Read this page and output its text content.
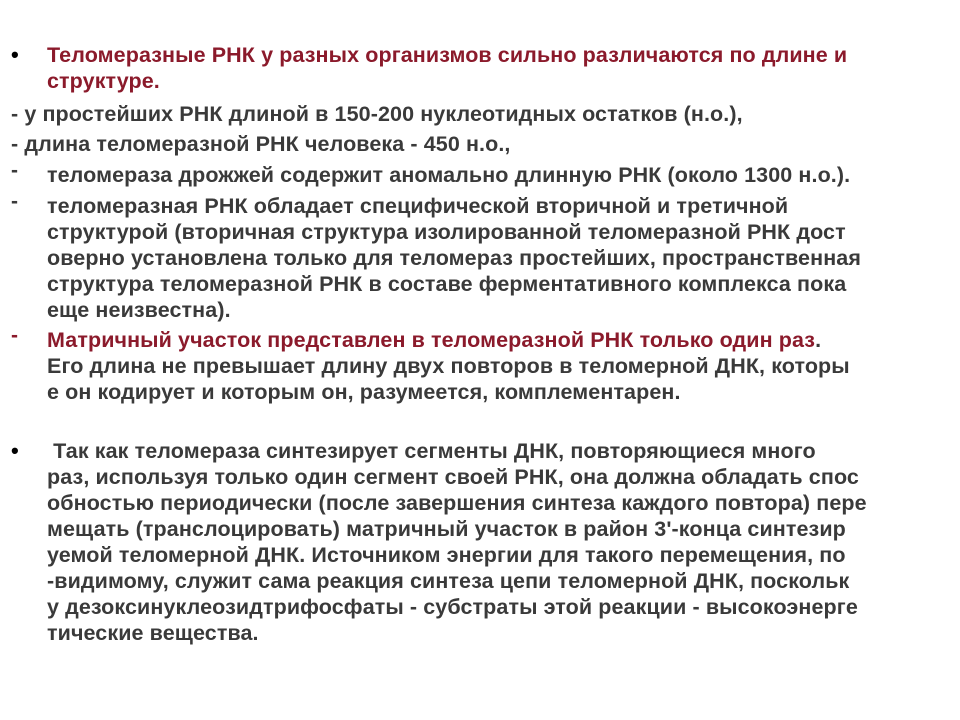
• Теломеразные РНК у разных организмов сильно различаются по длине и
структуре.
- у простейших РНК длиной в 150-200 нуклеотидных остатков (н.о.),
- длина теломеразной РНК человека - 450 н.о.,
- теломераза дрожжей содержит аномально длинную РНК (около 1300 н.о.).
- теломеразная РНК обладает специфической вторичной и третичной
структурой (вторичная структура изолированной теломеразной РНК дост
оверно установлена только для теломераз простейших, пространственная
структура теломеразной РНК в составе ферментативного комплекса пока
еще неизвестна).
- Матричный участок представлен в теломеразной РНК только один раз.
Его длина не превышает длину двух повторов в теломерной ДНК, которы
е он кодирует и которым он, разумеется, комплементарен.
• Так как теломераза синтезирует сегменты ДНК, повторяющиеся много
раз, используя только один сегмент своей РНК, она должна обладать спос
обностью периодически (после завершения синтеза каждого повтора) пере
мещать (транслоцировать) матричный участок в район 3'-конца синтезир
уемой теломерной ДНК. Источником энергии для такого перемещения, по
-видимому, служит сама реакция синтеза цепи теломерной ДНК, поскольк
у дезоксинуклеозидтрифосфаты - субстраты этой реакции - высокоэнерге
тические вещества.
